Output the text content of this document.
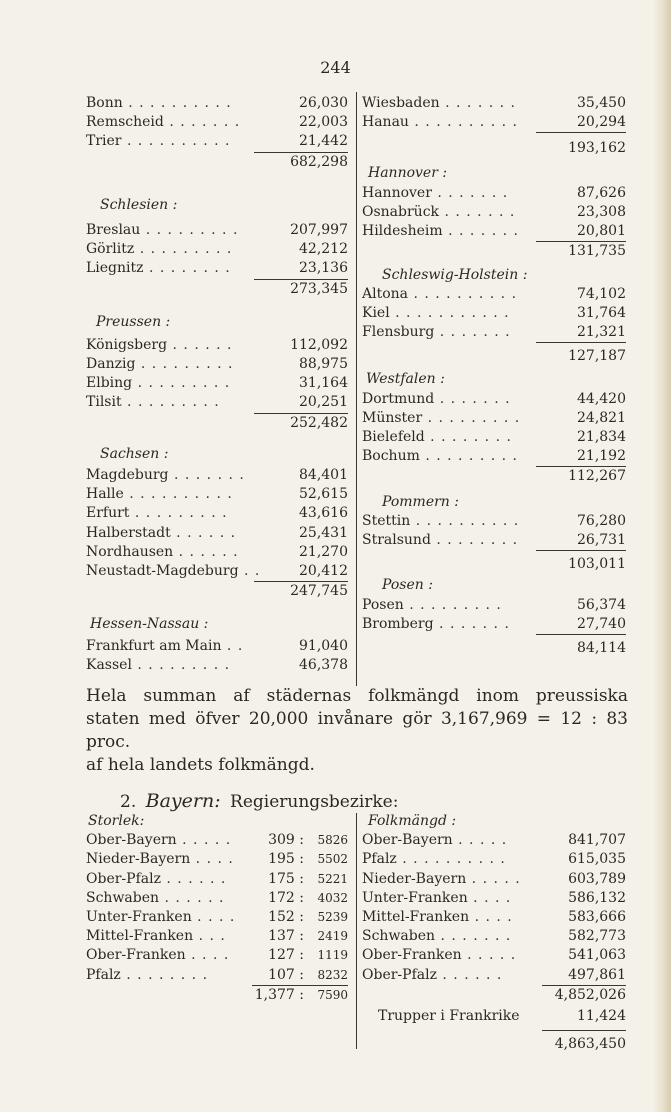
244
Bonn . . . . . . . . . .	26,030
Remscheid . . . . . . .	22,003
Trier . . . . . . . . . .	21,442
682,298
Schlesien :
Breslau . . . . . . . . .	207,997
Görlitz . . . . . . . . .	42,212
Liegnitz . . . . . . . .	23,136
273,345
Preussen :
Königsberg . . . . . .	112,092
Danzig . . . . . . . . .	88,975
Elbing . . . . . . . . .	31,164
Tilsit . . . . . . . . .	20,251
252,482
Sachsen :
Magdeburg . . . . . . .	84,401
Halle . . . . . . . . . .	52,615
Erfurt . . . . . . . . .	43,616
Halberstadt . . . . . .	25,431
Nordhausen . . . . . .	21,270
Neustadt-Magdeburg . .	20,412
247,745
Hessen-Nassau :
Frankfurt am Main . .	91,040
Kassel . . . . . . . . .	46,378
Wiesbaden . . . . . . .	35,450
Hanau . . . . . . . . . .	20,294
193,162
Hannover :
Hannover . . . . . . .	87,626
Osnabrück . . . . . . .	23,308
Hildesheim . . . . . . .	20,801
131,735
Schleswig-Holstein :
Altona . . . . . . . . . .	74,102
Kiel . . . . . . . . . . .	31,764
Flensburg . . . . . . .	21,321
127,187
Westfalen :
Dortmund . . . . . . .	44,420
Münster . . . . . . . . .	24,821
Bielefeld . . . . . . . .	21,834
Bochum . . . . . . . . .	21,192
112,267
Pommern :
Stettin . . . . . . . . . .	76,280
Stralsund . . . . . . . .	26,731
103,011
Posen :
Posen . . . . . . . . .	56,374
Bromberg . . . . . . .	27,740
84,114

Hela summan af städernas folkmängd inom preussiska

staten med öfver 20,000 invånare gör 3,167,969 = 12 : 83 proc.

af hela landets folkmängd.

2. Bayern: Regierungsbezirke:
Storlek:
Ober-Bayern . . . . .	309 : 5826
Nieder-Bayern . . . . 195 : 5502
Ober-Pfalz . . . . . .	175 : 5221
Schwaben . . . . . .	172 : 4032
Unter-Franken . . . . 152 : 5239
Mittel-Franken . . .	137 : 2419
Ober-Franken . . . .	127 : 1119
Pfalz . . . . . . . .	107 : 8232
1,377 : 7590
Folkmängd :
Ober-Bayern . . . . .	841,707
Pfalz . . . . . . . . . .	615,035
Nieder-Bayern . . . . .	603,789
Unter-Franken . . . .	586,132
Mittel-Franken . . . .	583,666
Schwaben . . . . . . .	582,773
Ober-Franken . . . . .	541,063
Ober-Pfalz . . . . . .	497,861
4,852,026
Trupper i Frankrike	11,424
4,863,450
